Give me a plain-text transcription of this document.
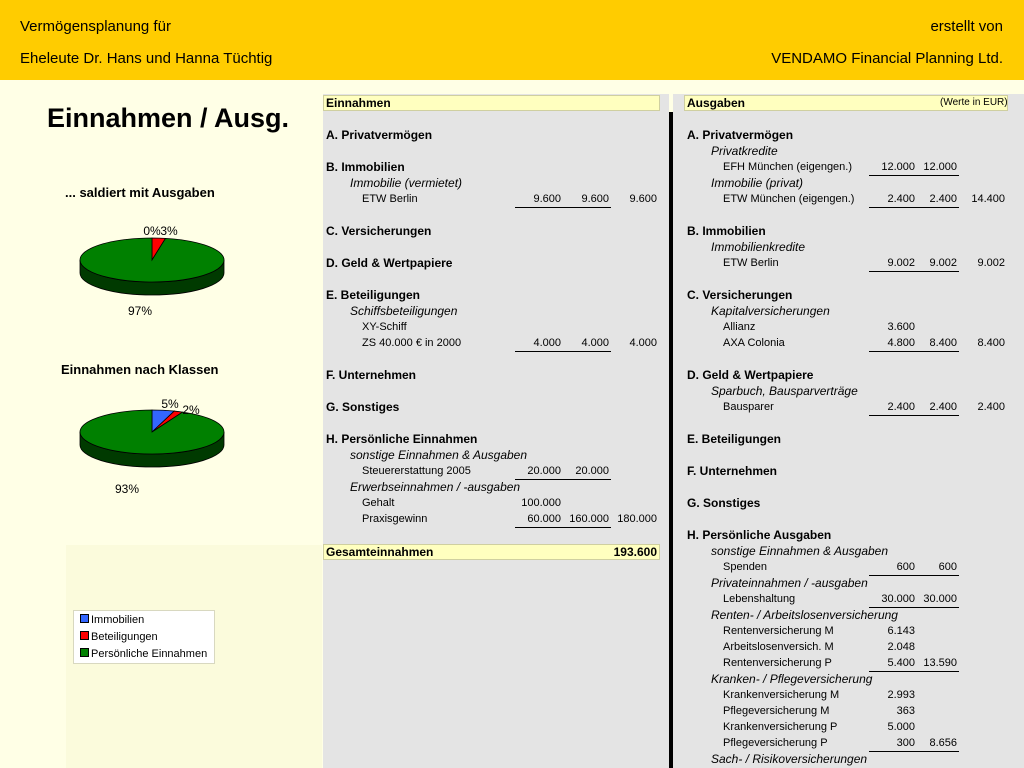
Vermögensplanung für
Eheleute Dr. Hans und Hanna Tüchtig
erstellt von
VENDAMO Financial Planning Ltd.
Einnahmen / Ausg.
... saldiert mit Ausgaben
0% 3%
97%
Einnahmen nach Klassen
5% 2%
93%
Immobilien
Beteiligungen
Persönliche Einnahmen
Einnahmen	Ausgaben	(Werte in EUR)
A. Privatvermögen
B. Immobilien
Immobilie (vermietet)
ETW Berlin	9.600	9.600	9.600
C. Versicherungen
D. Geld & Wertpapiere
E. Beteiligungen
Schiffsbeteiligungen
XY-Schiff
ZS 40.000 € in 2000	4.000	4.000	4.000
F. Unternehmen
G. Sonstiges
H. Persönliche Einnahmen
sonstige Einnahmen & Ausgaben
Steuererstattung 2005	20.000	20.000
Erwerbseinnahmen / -ausgaben
Gehalt	100.000
Praxisgewinn	60.000 160.000 180.000
A. Privatvermögen
Privatkredite
EFH München (eigengen.)	12.000 12.000
Immobilie (privat)
ETW München (eigengen.)	2.400	2.400	14.400
B. Immobilien
Immobilienkredite
ETW Berlin	9.002	9.002	9.002
C. Versicherungen
Kapitalversicherungen
Allianz	3.600
AXA Colonia	4.800	8.400	8.400
D. Geld & Wertpapiere
Sparbuch, Bausparverträge
Bausparer	2.400	2.400	2.400
E. Beteiligungen
F. Unternehmen
G. Sonstiges
H. Persönliche Ausgaben
sonstige Einnahmen & Ausgaben
Spenden	600	600
Privateinnahmen / -ausgaben
Lebenshaltung	30.000 30.000
Renten- / Arbeitslosenversicherung
Rentenversicherung M	6.143
Arbeitslosenversich. M	2.048
Rentenversicherung P	5.400 13.590
Kranken- / Pflegeversicherung
Krankenversicherung M	2.993
Pflegeversicherung M	363
Krankenversicherung P	5.000
Pflegeversicherung P	300	8.656
Sach- / Risikoversicherungen
Gesamteinnahmen	193.600
